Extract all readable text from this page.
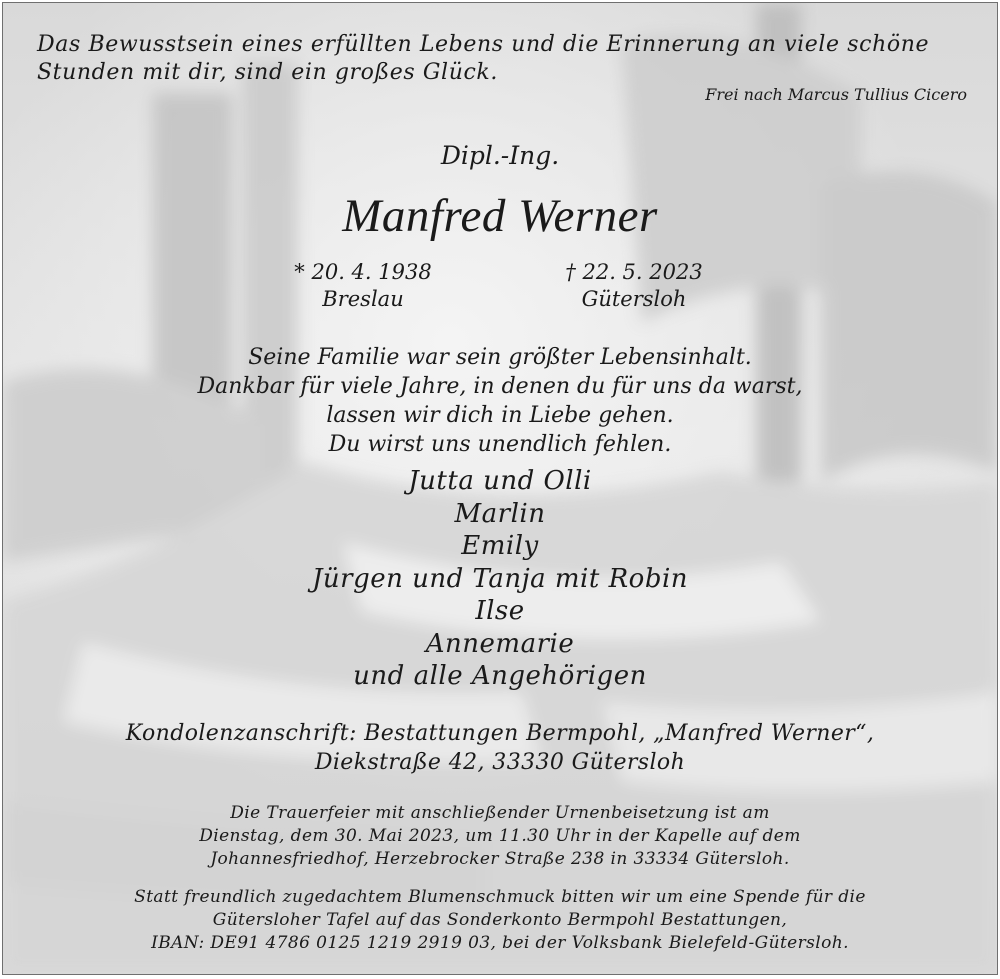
Das Bewusstsein eines erfüllten Lebens und die Erinnerung an viele schöne
Stunden mit dir, sind ein großes Glück.
Frei nach Marcus Tullius Cicero
Dipl.-Ing.
Manfred Werner
* 20. 4. 1938
Breslau
† 22. 5. 2023
Gütersloh
Seine Familie war sein größter Lebensinhalt.
Dankbar für viele Jahre, in denen du für uns da warst,
lassen wir dich in Liebe gehen.
Du wirst uns unendlich fehlen.
Jutta und Olli
Marlin
Emily
Jürgen und Tanja mit Robin
Ilse
Annemarie
und alle Angehörigen
Kondolenzanschrift: Bestattungen Bermpohl, „Manfred Werner“,
Diekstraße 42, 33330 Gütersloh
Die Trauerfeier mit anschließender Urnenbeisetzung ist am
Dienstag, dem 30. Mai 2023, um 11.30 Uhr in der Kapelle auf dem
Johannesfriedhof, Herzebrocker Straße 238 in 33334 Gütersloh.
Statt freundlich zugedachtem Blumenschmuck bitten wir um eine Spende für die
Gütersloher Tafel auf das Sonderkonto Bermpohl Bestattungen,
IBAN: DE91 4786 0125 1219 2919 03, bei der Volksbank Bielefeld-Gütersloh.
